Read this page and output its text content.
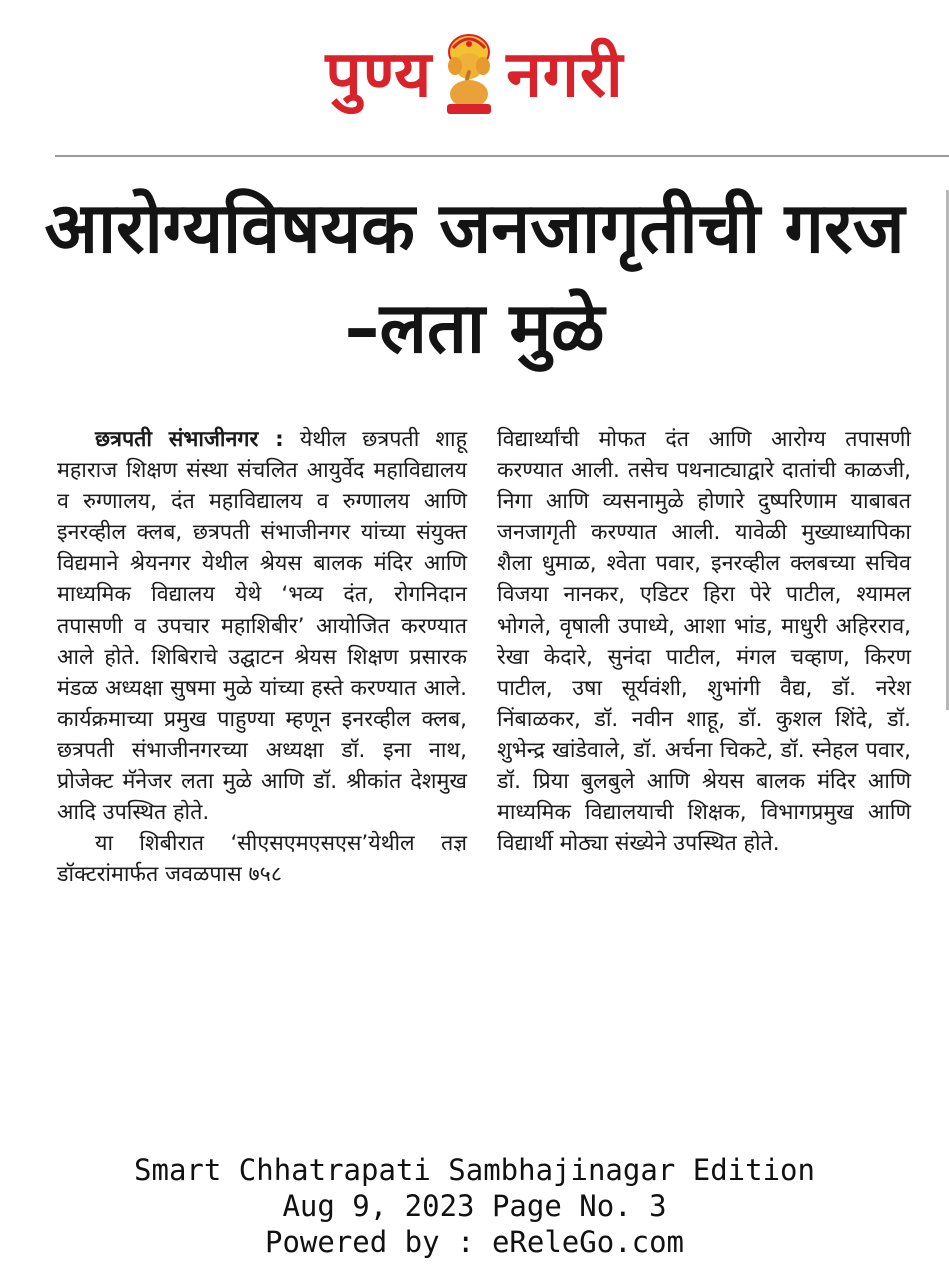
पुण्य नगरी
आरोग्यविषयक जनजागृतीची गरज –लता मुळे

छत्रपती संभाजीनगर : येथील छत्रपती शाहू महाराज शिक्षण संस्था संचलित आयुर्वेद महाविद्यालय व रुग्णालय, दंत महाविद्यालय व रुग्णालय आणि इनरव्हील क्लब, छत्रपती संभाजीनगर यांच्या संयुक्त विद्यमाने श्रेयनगर येथील श्रेयस बालक मंदिर आणि माध्यमिक विद्यालय येथे ‘भव्य दंत, रोगनिदान तपासणी व उपचार महाशिबीर’ आयोजित करण्यात आले होते. शिबिराचे उद्घाटन श्रेयस शिक्षण प्रसारक मंडळ अध्यक्षा सुषमा मुळे यांच्या हस्ते करण्यात आले. कार्यक्रमाच्या प्रमुख पाहुण्या म्हणून इनरव्हील क्लब, छत्रपती संभाजीनगरच्या अध्यक्षा डॉ. इना नाथ, प्रोजेक्ट मॅनेजर लता मुळे आणि डॉ. श्रीकांत देशमुख आदि उपस्थित होते.

या शिबीरात ‘सीएसएमएसएस’येथील तज्ञ डॉक्टरांमार्फत जवळपास ७५८

विद्यार्थ्यांची मोफत दंत आणि आरोग्य तपासणी करण्यात आली. तसेच पथनाट्याद्वारे दातांची काळजी, निगा आणि व्यसनामुळे होणारे दुष्परिणाम याबाबत जनजागृती करण्यात आली. यावेळी मुख्याध्यापिका शैला धुमाळ, श्वेता पवार, इनरव्हील क्लबच्या सचिव विजया नानकर, एडिटर हिरा पेरे पाटील, श्यामल भोगले, वृषाली उपाध्ये, आशा भांड, माधुरी अहिरराव, रेखा केदारे, सुनंदा पाटील, मंगल चव्हाण, किरण पाटील, उषा सूर्यवंशी, शुभांगी वैद्य, डॉ. नरेश निंबाळकर, डॉ. नवीन शाहू, डॉ. कुशल शिंदे, डॉ. शुभेन्द्र खांडेवाले, डॉ. अर्चना चिकटे, डॉ. स्नेहल पवार, डॉ. प्रिया बुलबुले आणि श्रेयस बालक मंदिर आणि माध्यमिक विद्यालयाची शिक्षक, विभागप्रमुख आणि विद्यार्थी मोठ्या संख्येने उपस्थित होते.

Smart Chhatrapati Sambhajinagar Edition
Aug 9, 2023 Page No. 3
Powered by : eReleGo.com
